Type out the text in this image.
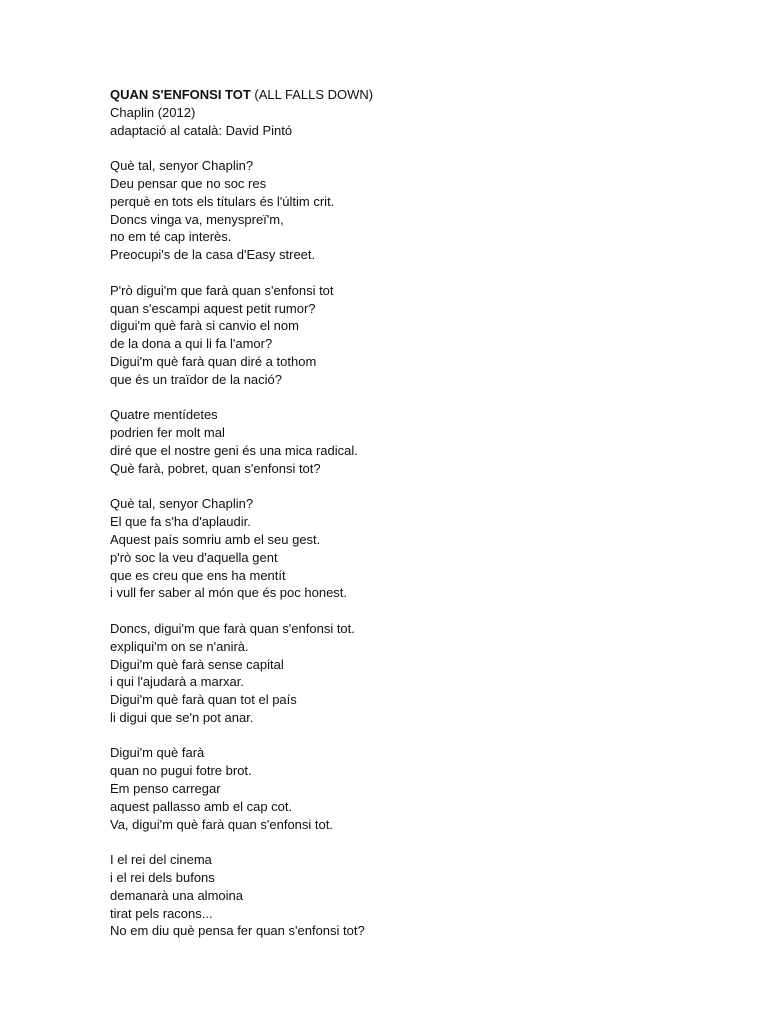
QUAN S'ENFONSI TOT (ALL FALLS DOWN)
Chaplin (2012)
adaptació al català: David Pintó
Què tal, senyor Chaplin?
Deu pensar que no soc res
perquè en tots els títulars és l'últim crit.
Doncs vinga va, menyspreï'm,
no em té cap interès.
Preocupi's de la casa d'Easy street.
P'rò digui'm que farà quan s'enfonsi tot
quan s'escampi aquest petit rumor?
digui'm què farà si canvio el nom
de la dona a qui li fa l'amor?
Digui'm què farà quan diré a tothom
que és un traïdor de la nació?
Quatre mentídetes
podrien fer molt mal
diré que el nostre geni és una mica radical.
Què farà, pobret, quan s'enfonsi tot?
Què tal, senyor Chaplin?
El que fa s'ha d'aplaudir.
Aquest país somriu amb el seu gest.
p'rò soc la veu d'aquella gent
que es creu que ens ha mentít
i vull fer saber al món que és poc honest.
Doncs, digui'm que farà quan s'enfonsi tot.
expliqui'm on se n'anirà.
Digui'm què farà sense capital
i qui l'ajudarà a marxar.
Digui'm què farà quan tot el país
li digui que se'n pot anar.
Digui'm què farà
quan no pugui fotre brot.
Em penso carregar
aquest pallasso amb el cap cot.
Va, digui'm què farà quan s'enfonsi tot.
I el rei del cinema
i el rei dels bufons
demanarà una almoina
tirat pels racons...
No em diu què pensa fer quan s'enfonsi tot?
